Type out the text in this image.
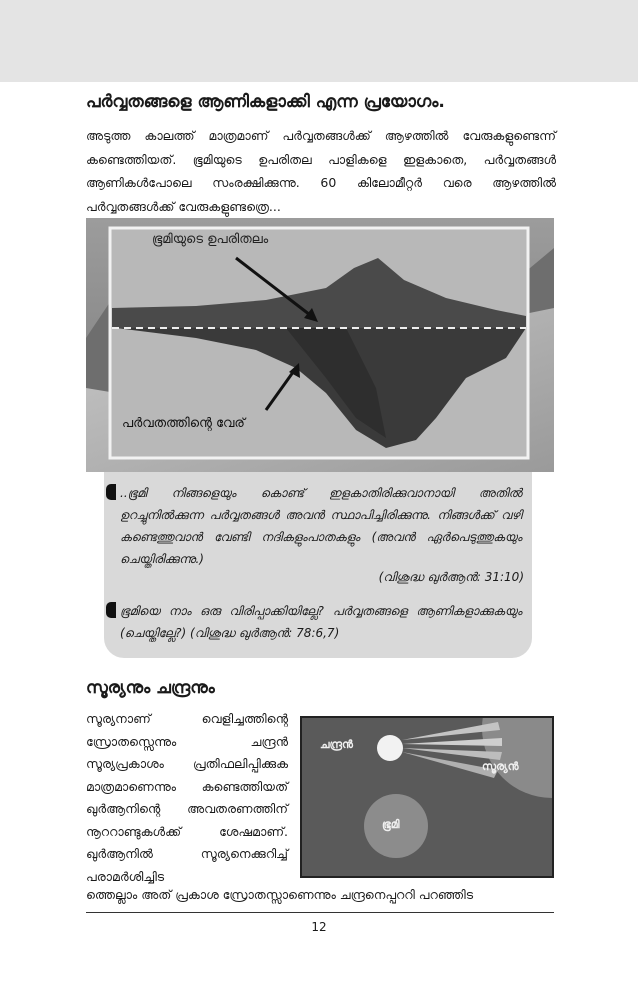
പർവ്വതങ്ങളെ ആണികളാക്കി എന്ന പ്രയോഗം.

അടുത്ത കാലത്ത് മാത്രമാണ് പർവ്വതങ്ങൾക്ക് ആഴത്തിൽ വേരുകളുണ്ടെന്ന് കണ്ടെത്തിയത്. ഭൂമിയുടെ ഉപരിതല പാളികളെ ഇളകാതെ, പർവ്വതങ്ങൾ ആണികൾപോലെ സംരക്ഷിക്കുന്നു. 60 കിലോമീറ്റർ വരെ ആഴത്തിൽ പർവ്വതങ്ങൾക്ക് വേരുകളുണ്ടത്രെ...

ഭൂമിയുടെ ഉപരിതലം
പർവതത്തിന്റെ വേര്

..ഭൂമി നിങ്ങളെയും കൊണ്ട് ഇളകാതിരിക്കുവാനായി അതിൽ ഉറച്ചുനിൽക്കുന്ന പർവ്വതങ്ങൾ അവൻ സ്ഥാപിച്ചിരിക്കുന്നു. നിങ്ങൾക്ക് വഴി കണ്ടെത്തുവാൻ വേണ്ടി നദികളുംപാതകളും (അവൻ ഏർപെടുത്തുകയും ചെയ്തിരിക്കുന്നു.)

(വിശുദ്ധ ഖുർആൻ: 31:10)

ഭൂമിയെ നാം ഒരു വിരിപ്പാക്കിയില്ലേ? പർവ്വതങ്ങളെ ആണികളാക്കുകയും (ചെയ്തില്ലേ?) (വിശുദ്ധ ഖുർആൻ: 78:6,7)

സൂര്യനും ചന്ദ്രനും

സൂര്യനാണ് വെളിച്ചത്തിന്റെ സ്രോതസ്സെന്നും ചന്ദ്രൻ സൂര്യപ്രകാശം പ്രതിഫലിപ്പിക്കുക മാത്രമാണെന്നും കണ്ടെത്തിയത് ഖുർആനിന്റെ അവതരണത്തിന് നൂററാണ്ടുകൾക്ക് ശേഷമാണ്. ഖുർആനിൽ സൂര്യനെക്കുറിച്ച് പരാമർശിച്ചിട

ചന്ദ്രൻ
സൂര്യൻ
ഭൂമി

ത്തെല്ലാം അത് പ്രകാശ സ്രോതസ്സാണെന്നും ചന്ദ്രനെപ്പററി പറഞ്ഞിട

12
